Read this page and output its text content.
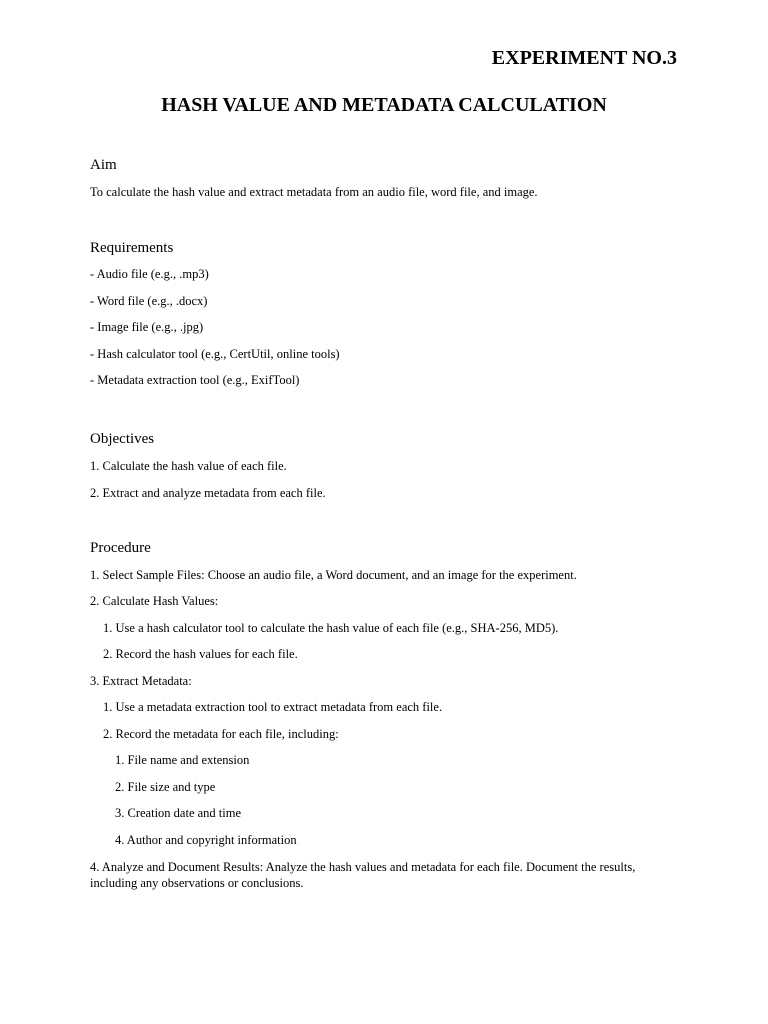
EXPERIMENT NO.3
HASH VALUE AND METADATA CALCULATION
Aim

To calculate the hash value and extract metadata from an audio file, word file, and image.

Requirements

- Audio file (e.g., .mp3)

- Word file (e.g., .docx)

- Image file (e.g., .jpg)

- Hash calculator tool (e.g., CertUtil, online tools)

- Metadata extraction tool (e.g., ExifTool)

Objectives

1. Calculate the hash value of each file.

2. Extract and analyze metadata from each file.

Procedure

1. Select Sample Files: Choose an audio file, a Word document, and an image for the experiment.

2. Calculate Hash Values:

1. Use a hash calculator tool to calculate the hash value of each file (e.g., SHA-256, MD5).

2. Record the hash values for each file.

3. Extract Metadata:

1. Use a metadata extraction tool to extract metadata from each file.

2. Record the metadata for each file, including:

1. File name and extension

2. File size and type

3. Creation date and time

4. Author and copyright information

4. Analyze and Document Results: Analyze the hash values and metadata for each file. Document the results, including any observations or conclusions.
